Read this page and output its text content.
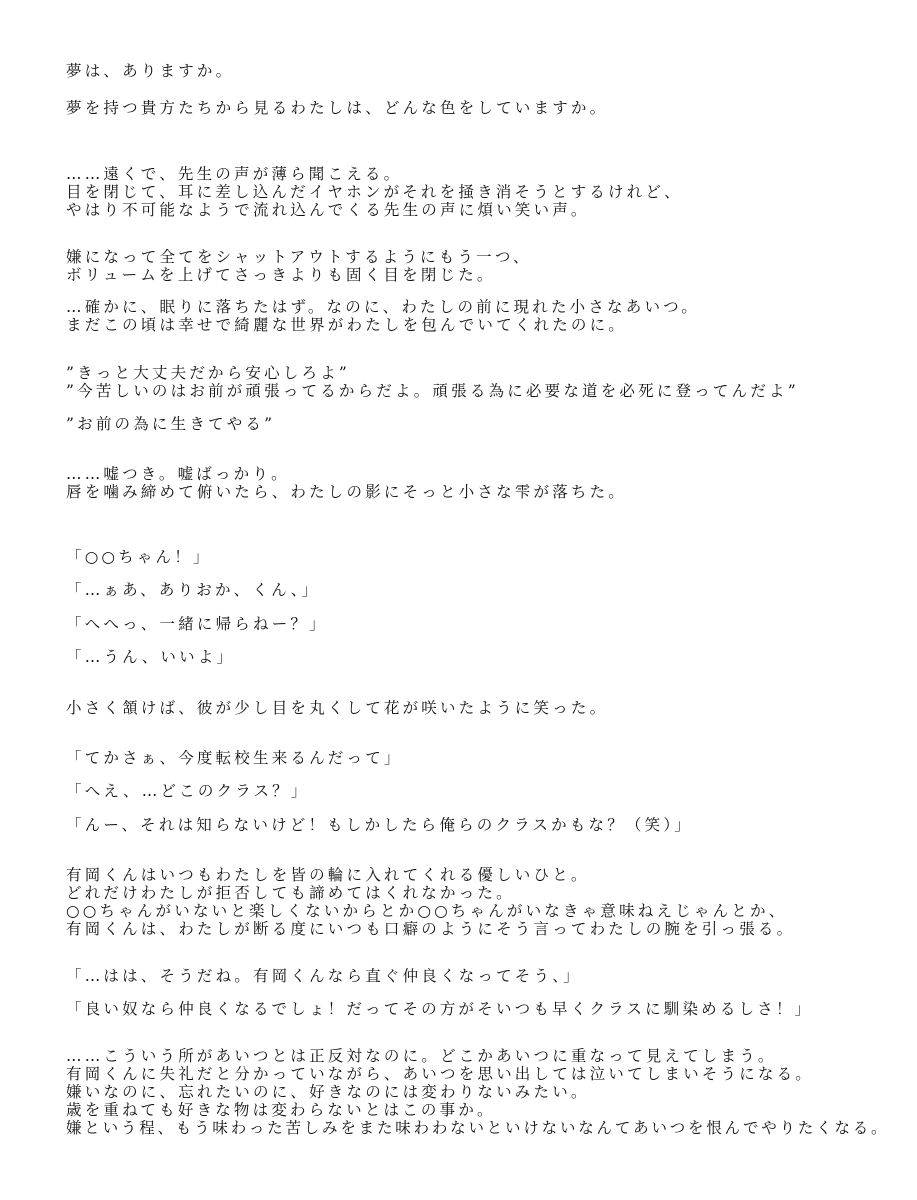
夢は、ありますか。

夢を持つ貴方たちから見るわたしは、どんな色をしていますか。

……遠くで、先生の声が薄ら聞こえる。

目を閉じて、耳に差し込んだイヤホンがそれを掻き消そうとするけれど、

やはり不可能なようで流れ込んでくる先生の声に煩い笑い声。

嫌になって全てをシャットアウトするようにもう一つ、

ボリュームを上げてさっきよりも固く目を閉じた。

…確かに、眠りに落ちたはず。なのに、わたしの前に現れた小さなあいつ。

まだこの頃は幸せで綺麗な世界がわたしを包んでいてくれたのに。

”きっと大丈夫だから安心しろよ”

”今苦しいのはお前が頑張ってるからだよ。頑張る為に必要な道を必死に登ってんだよ”

”お前の為に生きてやる”

……嘘つき。嘘ばっかり。

唇を噛み締めて俯いたら、わたしの影にそっと小さな雫が落ちた。

「○○ちゃん！」

「…ぁあ、ありおか、くん、」

「へへっ、一緒に帰らねー？」

「…うん、いいよ」

小さく頷けば、彼が少し目を丸くして花が咲いたように笑った。

「てかさぁ、今度転校生来るんだって」

「へえ、…どこのクラス？」

「んー、それは知らないけど！もしかしたら俺らのクラスかもな？（笑）」

有岡くんはいつもわたしを皆の輪に入れてくれる優しいひと。

どれだけわたしが拒否しても諦めてはくれなかった。

○○ちゃんがいないと楽しくないからとか○○ちゃんがいなきゃ意味ねえじゃんとか、

有岡くんは、わたしが断る度にいつも口癖のようにそう言ってわたしの腕を引っ張る。

「…はは、そうだね。有岡くんなら直ぐ仲良くなってそう、」

「良い奴なら仲良くなるでしょ！だってその方がそいつも早くクラスに馴染めるしさ！」

……こういう所があいつとは正反対なのに。どこかあいつに重なって見えてしまう。

有岡くんに失礼だと分かっていながら、あいつを思い出しては泣いてしまいそうになる。

嫌いなのに、忘れたいのに、好きなのには変わりないみたい。

歳を重ねても好きな物は変わらないとはこの事か。

嫌という程、もう味わった苦しみをまた味わわないといけないなんてあいつを恨んでやりたくなる。
